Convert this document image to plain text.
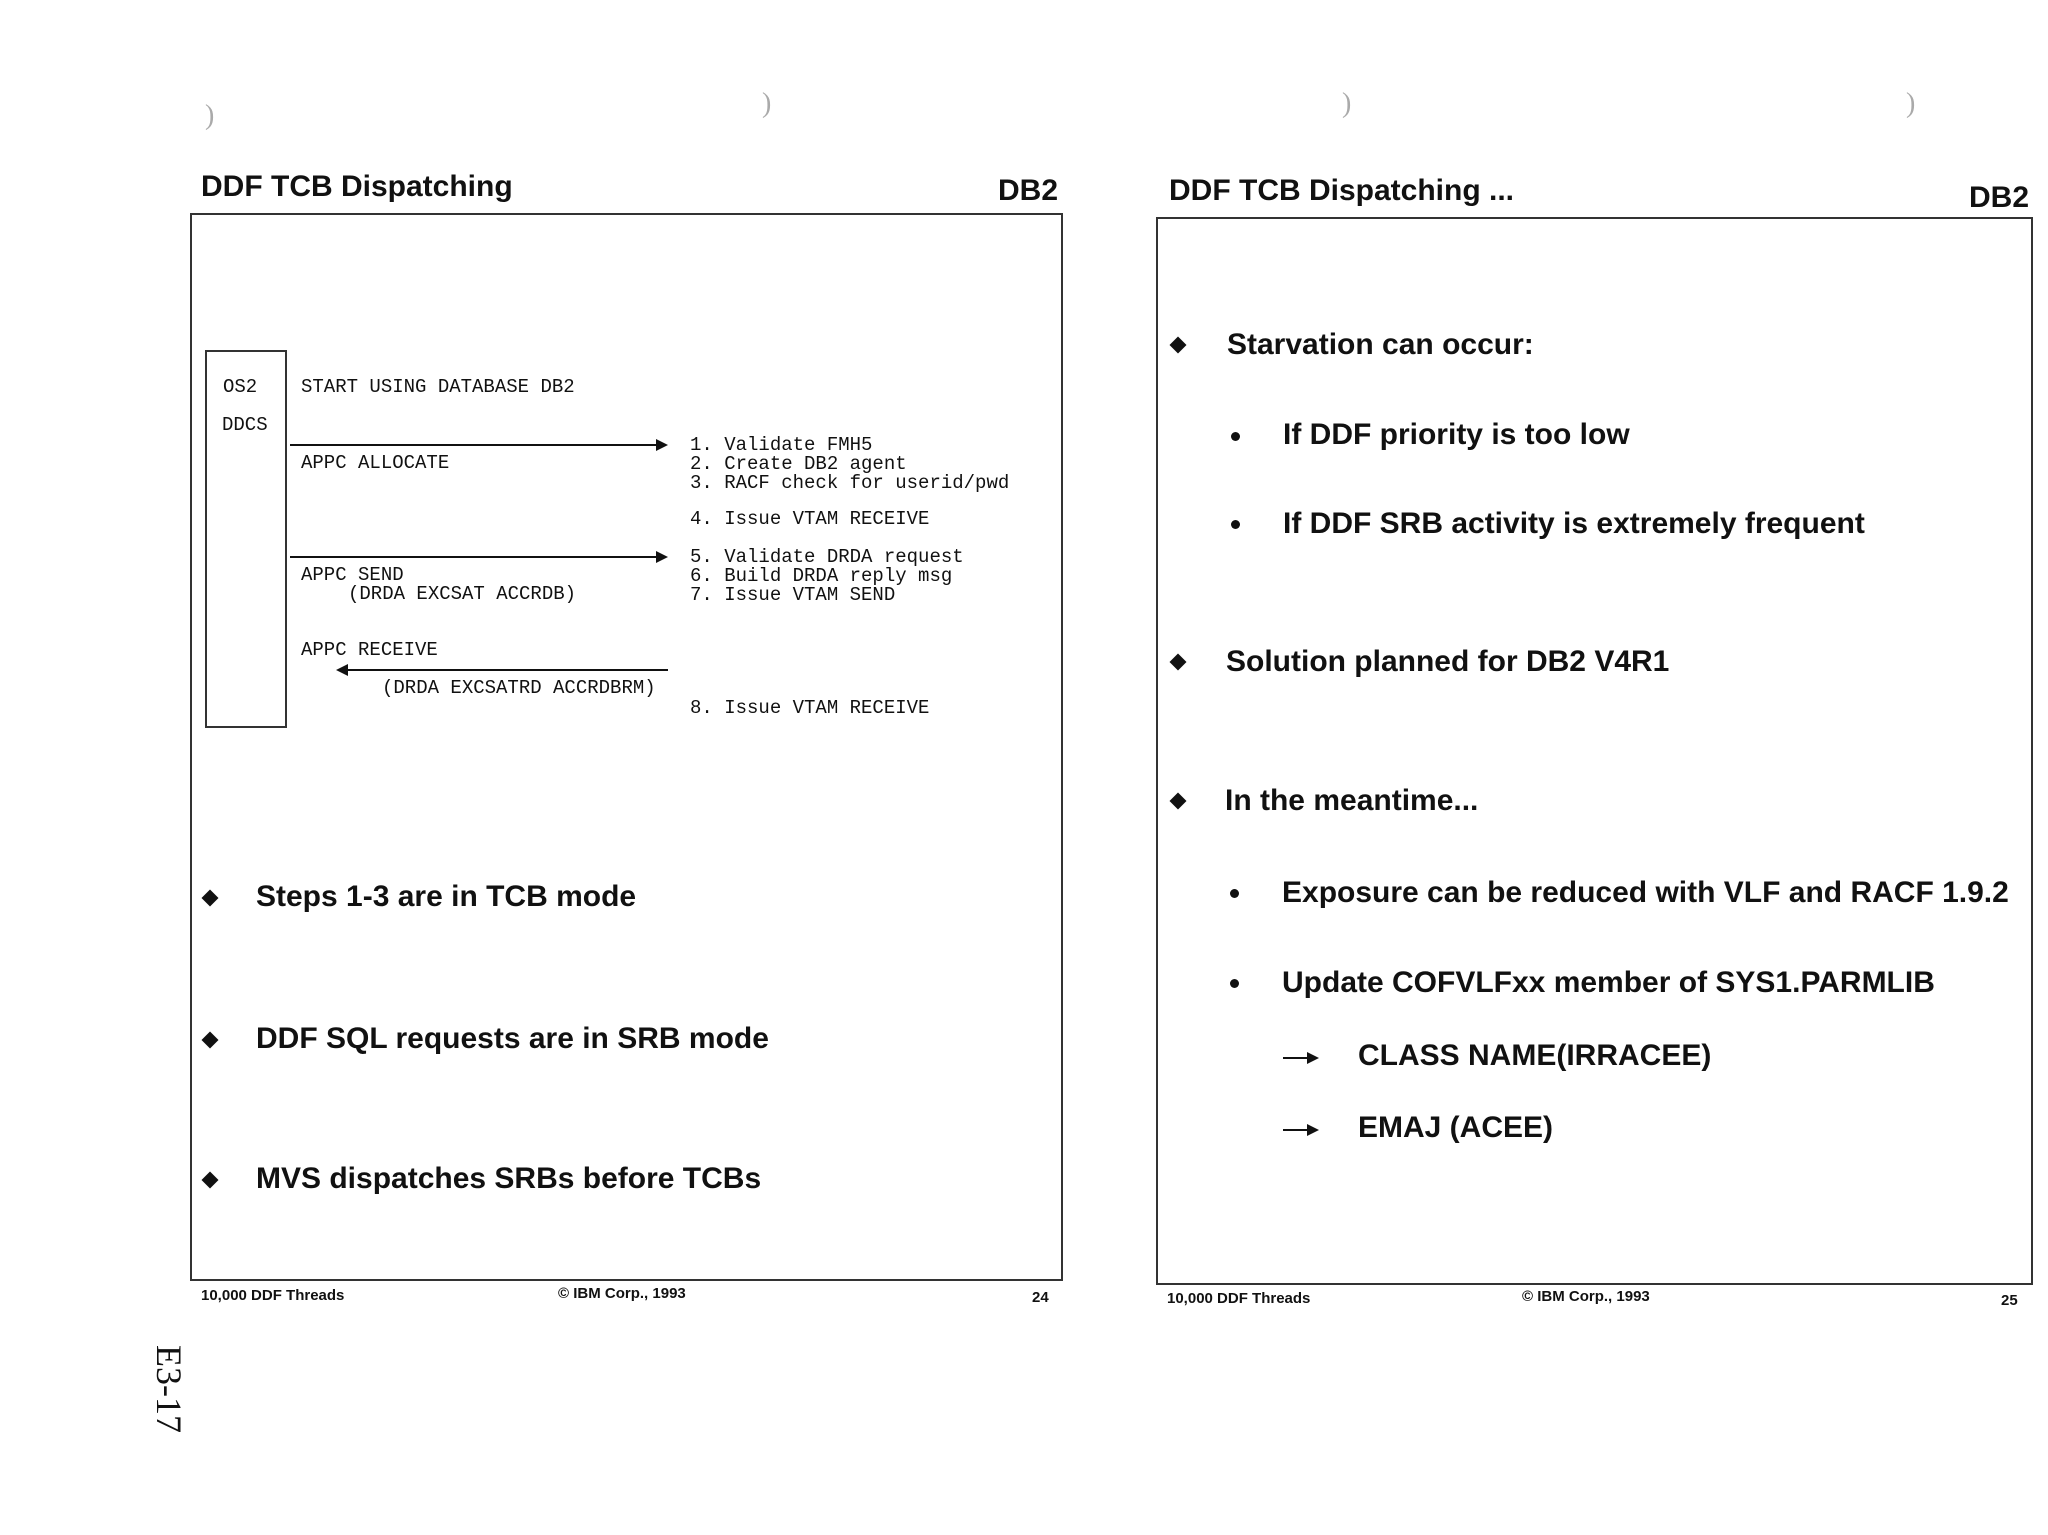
)	)	)	)
DDF TCB Dispatching	DB2
OS2
DDCS
START USING DATABASE DB2
APPC ALLOCATE
1. Validate FMH5
2. Create DB2 agent
3. RACF check for userid/pwd
4. Issue VTAM RECEIVE
APPC SEND
(DRDA EXCSAT ACCRDB)
5. Validate DRDA request
6. Build DRDA reply msg
7. Issue VTAM SEND
APPC RECEIVE
(DRDA EXCSATRD ACCRDBRM)
8. Issue VTAM RECEIVE
Steps 1-3 are in TCB mode
DDF SQL requests are in SRB mode
MVS dispatches SRBs before TCBs
10,000 DDF Threads	© IBM Corp., 1993	24
DDF TCB Dispatching ...	DB2
Starvation can occur:
If DDF priority is too low
If DDF SRB activity is extremely frequent
Solution planned for DB2 V4R1
In the meantime...
Exposure can be reduced with VLF and RACF 1.9.2
Update COFVLFxx member of SYS1.PARMLIB
CLASS NAME(IRRACEE)
EMAJ (ACEE)
10,000 DDF Threads	© IBM Corp., 1993	25
E3-17
